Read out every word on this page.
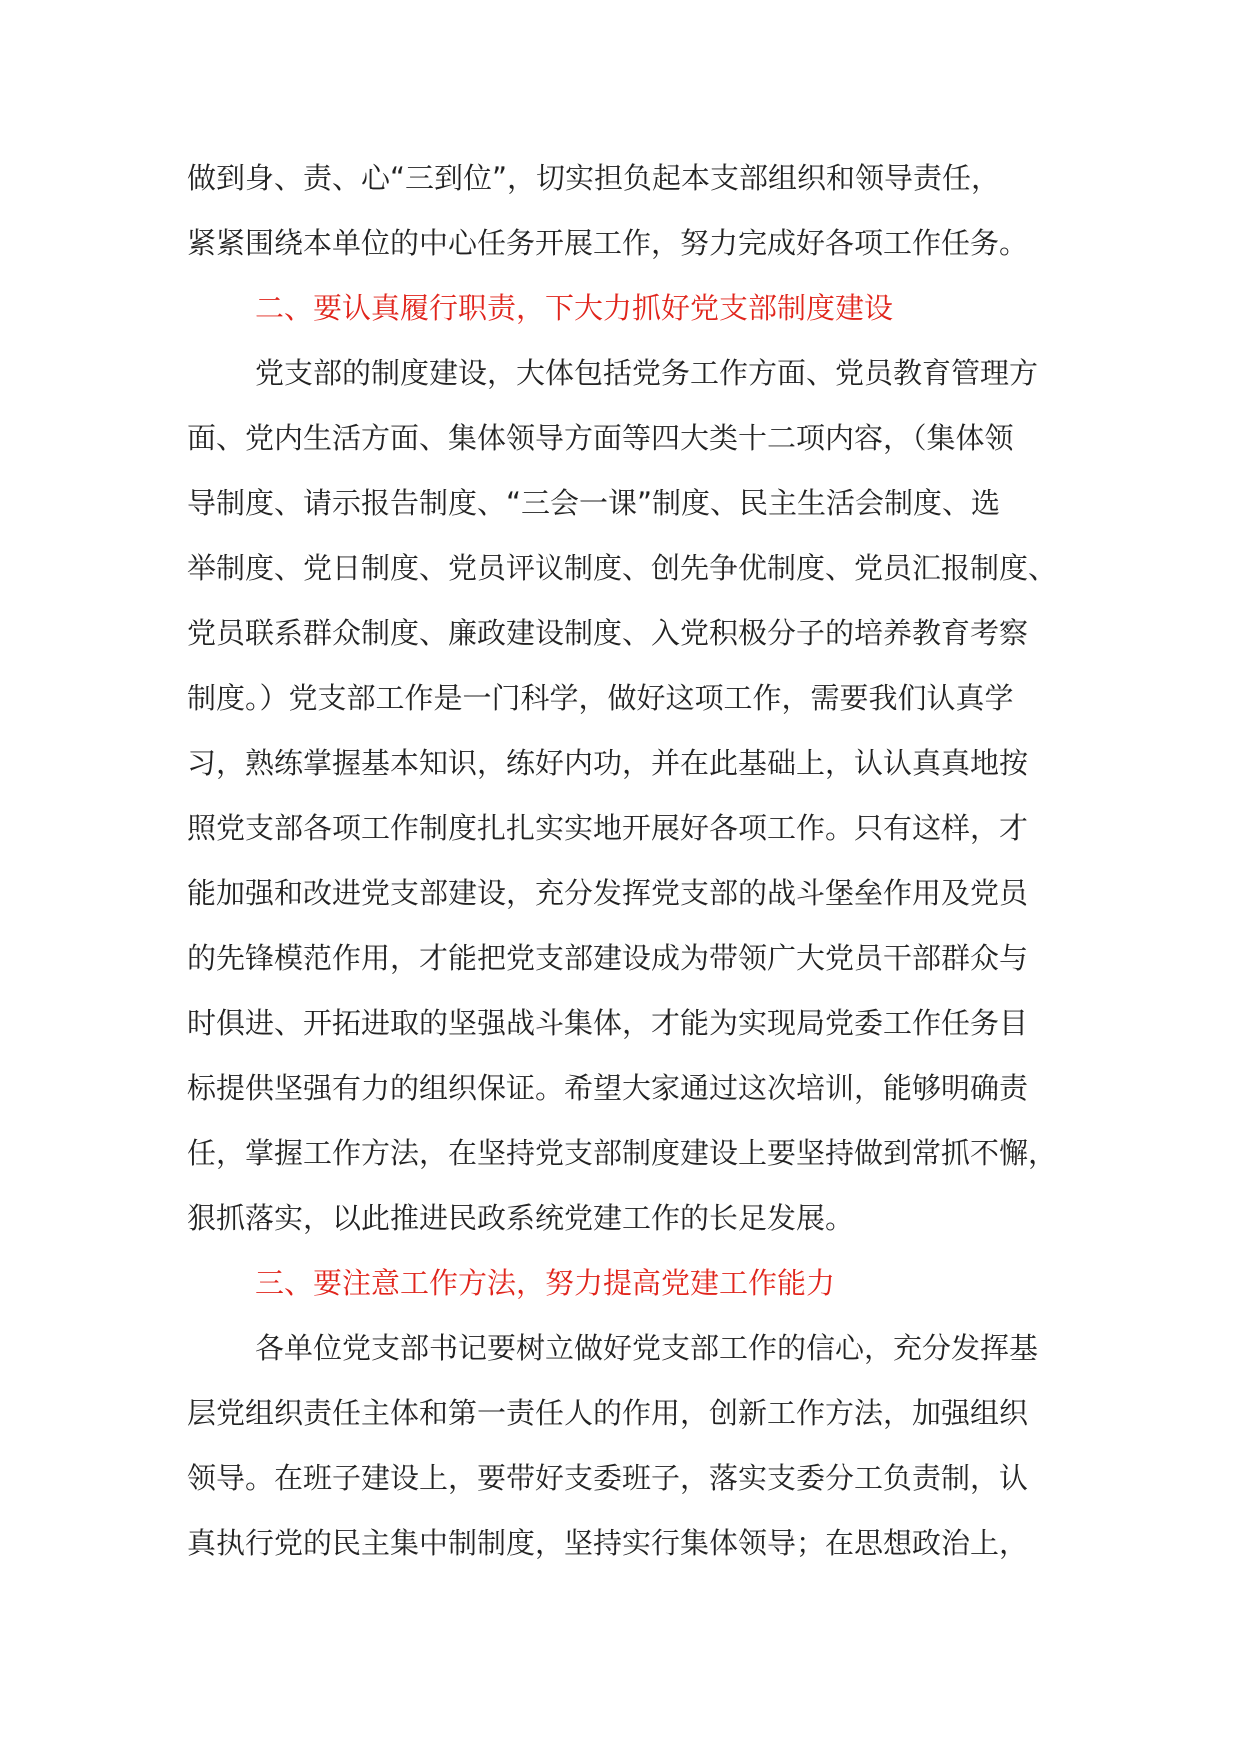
做到身、责、心“三到位”，切实担负起本支部组织和领导责任，
紧紧围绕本单位的中心任务开展工作，努力完成好各项工作任务。
二、要认真履行职责，下大力抓好党支部制度建设
党支部的制度建设，大体包括党务工作方面、党员教育管理方
面、党内生活方面、集体领导方面等四大类十二项内容，（集体领
导制度、请示报告制度、“三会一课”制度、民主生活会制度、选
举制度、党日制度、党员评议制度、创先争优制度、党员汇报制度、
党员联系群众制度、廉政建设制度、入党积极分子的培养教育考察
制度。）党支部工作是一门科学，做好这项工作，需要我们认真学
习，熟练掌握基本知识，练好内功，并在此基础上，认认真真地按
照党支部各项工作制度扎扎实实地开展好各项工作。只有这样，才
能加强和改进党支部建设，充分发挥党支部的战斗堡垒作用及党员
的先锋模范作用，才能把党支部建设成为带领广大党员干部群众与
时俱进、开拓进取的坚强战斗集体，才能为实现局党委工作任务目
标提供坚强有力的组织保证。希望大家通过这次培训，能够明确责
任，掌握工作方法，在坚持党支部制度建设上要坚持做到常抓不懈，
狠抓落实，以此推进民政系统党建工作的长足发展。
三、要注意工作方法，努力提高党建工作能力
各单位党支部书记要树立做好党支部工作的信心，充分发挥基
层党组织责任主体和第一责任人的作用，创新工作方法，加强组织
领导。在班子建设上，要带好支委班子，落实支委分工负责制，认
真执行党的民主集中制制度，坚持实行集体领导；在思想政治上，
